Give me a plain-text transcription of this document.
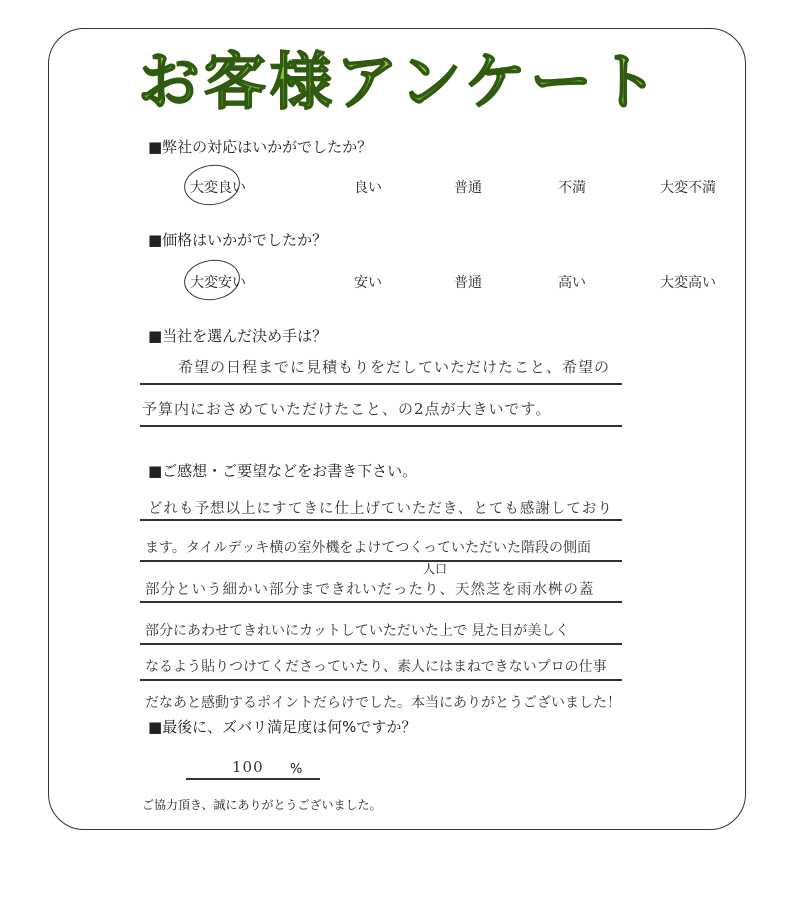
お客様アンケート
■弊社の対応はいかがでしたか？
大変良い	良い	普通	不満	大変不満
■価格はいかがでしたか？
大変安い	安い	普通	高い	大変高い
■当社を選んだ決め手は？
希望の日程までに見積もりをだしていただけたこと、希望の
予算内におさめていただけたこと、の2点が大きいです。
■ご感想・ご要望などをお書き下さい。
どれも予想以上にすてきに仕上げていただき、とても感謝しており
ます。タイルデッキ横の室外機をよけてつくっていただいた階段の側面
人口
部分という細かい部分まできれいだったり、天然芝を雨水桝の蓋
部分にあわせてきれいにカットしていただいた上で 見た目が美しく
なるよう貼りつけてくださっていたり、素人にはまねできないプロの仕事
だなあと感動するポイントだらけでした。本当にありがとうございました！
■最後に、ズバリ満足度は何%ですか？
100 %
ご協力頂き、誠にありがとうございました。
